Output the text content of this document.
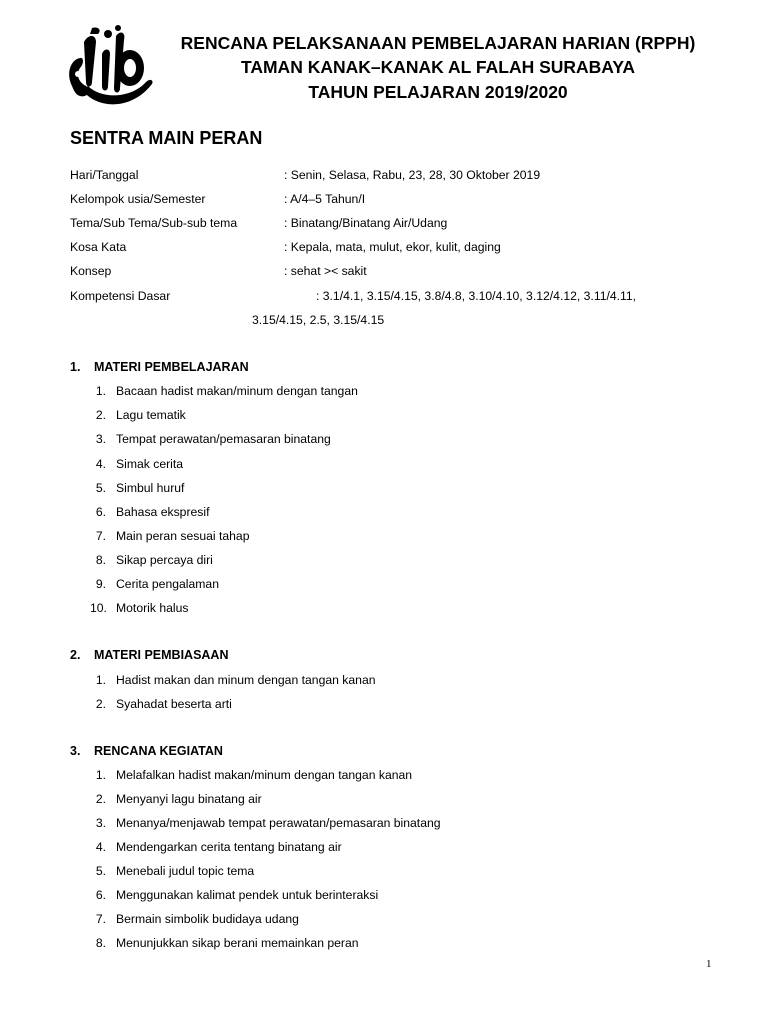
RENCANA PELAKSANAAN PEMBELAJARAN HARIAN (RPPH)
TAMAN KANAK–KANAK AL FALAH SURABAYA
TAHUN PELAJARAN 2019/2020
SENTRA MAIN PERAN
Hari/Tanggal	: Senin, Selasa, Rabu, 23, 28, 30 Oktober 2019
Kelompok usia/Semester	: A/4–5 Tahun/I
Tema/Sub Tema/Sub-sub tema	: Binatang/Binatang Air/Udang
Kosa Kata	: Kepala, mata, mulut, ekor, kulit, daging
Konsep	: sehat >< sakit
Kompetensi Dasar	: 3.1/4.1, 3.15/4.15, 3.8/4.8, 3.10/4.10, 3.12/4.12, 3.11/4.11,
3.15/4.15, 2.5, 3.15/4.15
1. MATERI PEMBELAJARAN
1. Bacaan hadist makan/minum dengan tangan
2. Lagu tematik
3. Tempat perawatan/pemasaran binatang
4. Simak cerita
5. Simbul huruf
6. Bahasa ekspresif
7. Main peran sesuai tahap
8. Sikap percaya diri
9. Cerita pengalaman
10. Motorik halus
2. MATERI PEMBIASAAN
1. Hadist makan dan minum dengan tangan kanan
2. Syahadat beserta arti
3. RENCANA KEGIATAN
1. Melafalkan hadist makan/minum dengan tangan kanan
2. Menyanyi lagu binatang air
3. Menanya/menjawab tempat perawatan/pemasaran binatang
4. Mendengarkan cerita tentang binatang air
5. Menebali judul topic tema
6. Menggunakan kalimat pendek untuk berinteraksi
7. Bermain simbolik budidaya udang
8. Menunjukkan sikap berani memainkan peran
1
